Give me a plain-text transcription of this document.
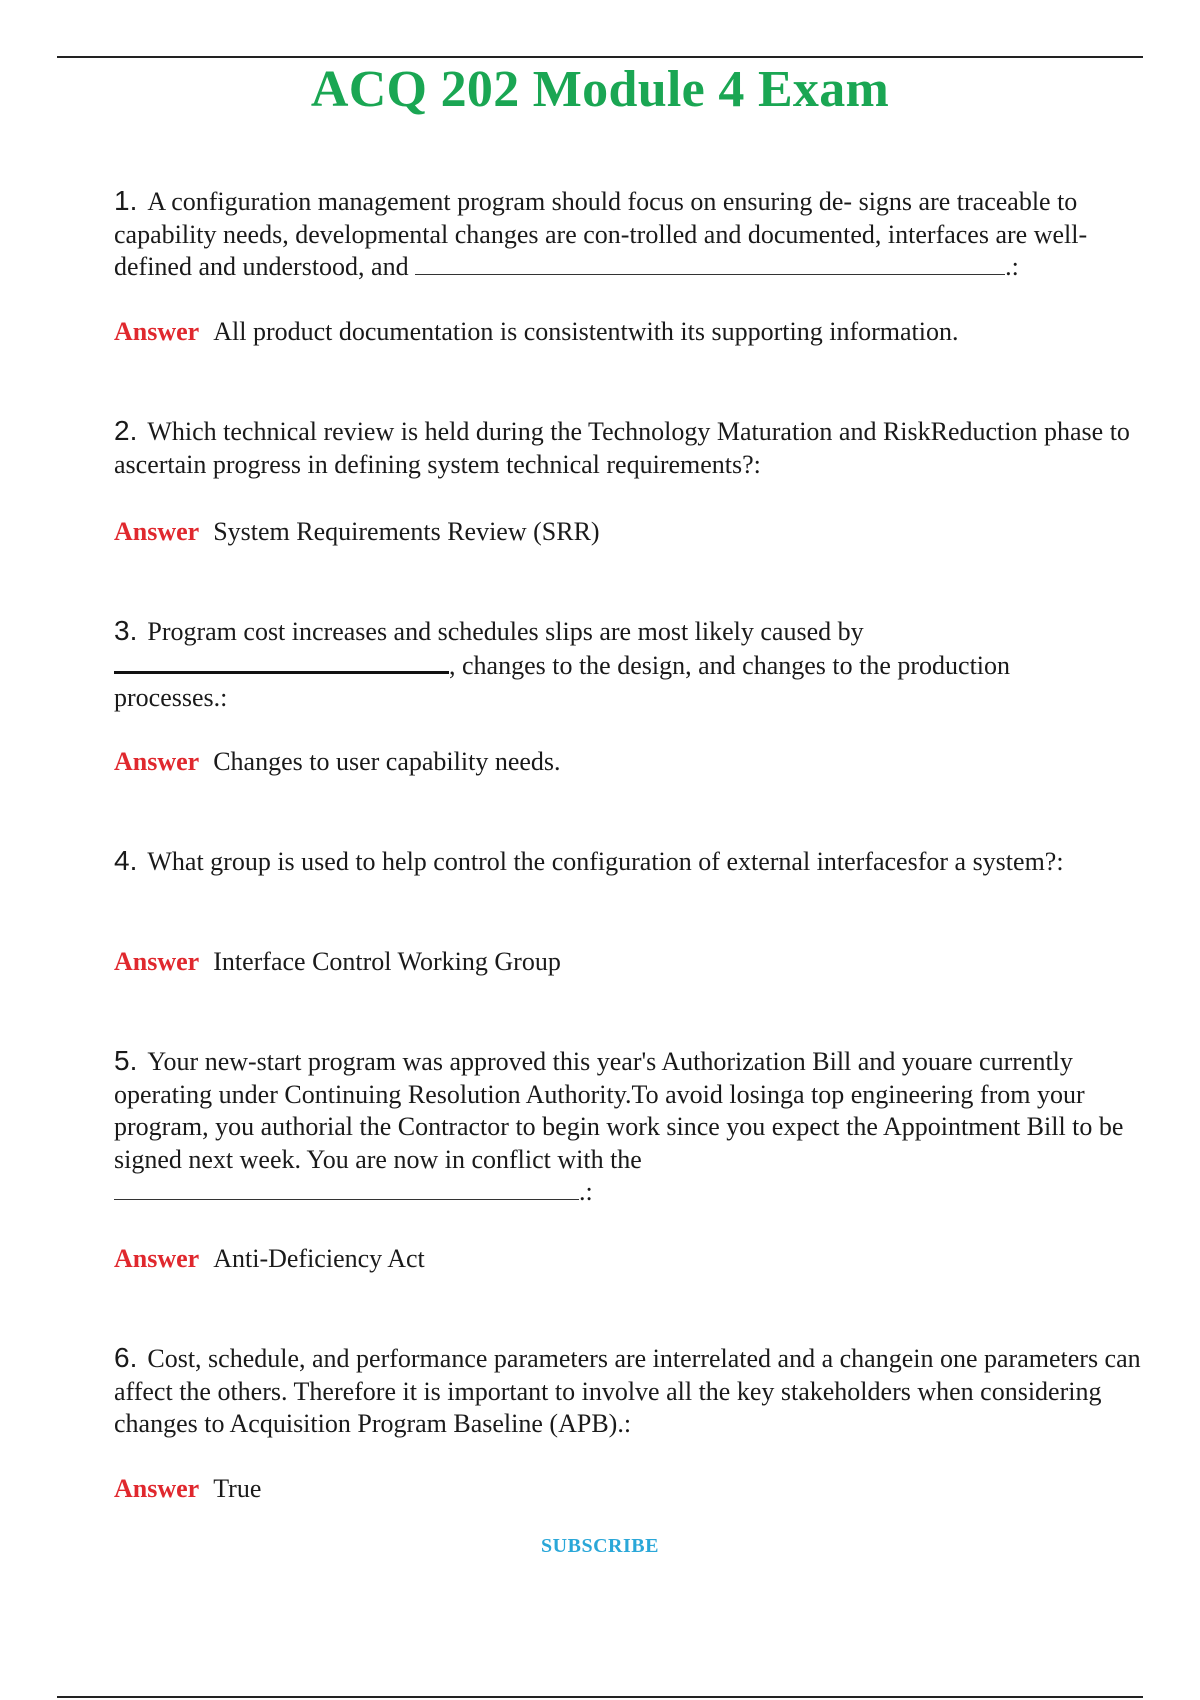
ACQ 202 Module 4 Exam
1. A configuration management program should focus on ensuring de- signs are traceable to capability needs, developmental changes are con-trolled and documented, interfaces are well-defined and understood, and	.:
Answer All product documentation is consistentwith its supporting information.
2. Which technical review is held during the Technology Maturation and RiskReduction phase to ascertain progress in defining system technical requirements?:
Answer System Requirements Review (SRR)
3. Program cost increases and schedules slips are most likely caused by
, changes to the design, and changes to the production
processes.:
Answer Changes to user capability needs.
4. What group is used to help control the configuration of external interfacesfor a system?:
Answer Interface Control Working Group
5. Your new-start program was approved this year's Authorization Bill and youare currently operating under Continuing Resolution Authority.To avoid losinga top engineering from your program, you authorial the Contractor to begin work since you expect the Appointment Bill to be signed next week. You are now in conflict with the
.:
Answer Anti-Deficiency Act
6. Cost, schedule, and performance parameters are interrelated and a changein one parameters can affect the others. Therefore it is important to involve all the key stakeholders when considering changes to Acquisition Program Baseline (APB).:
Answer True
SUBSCRIBE
